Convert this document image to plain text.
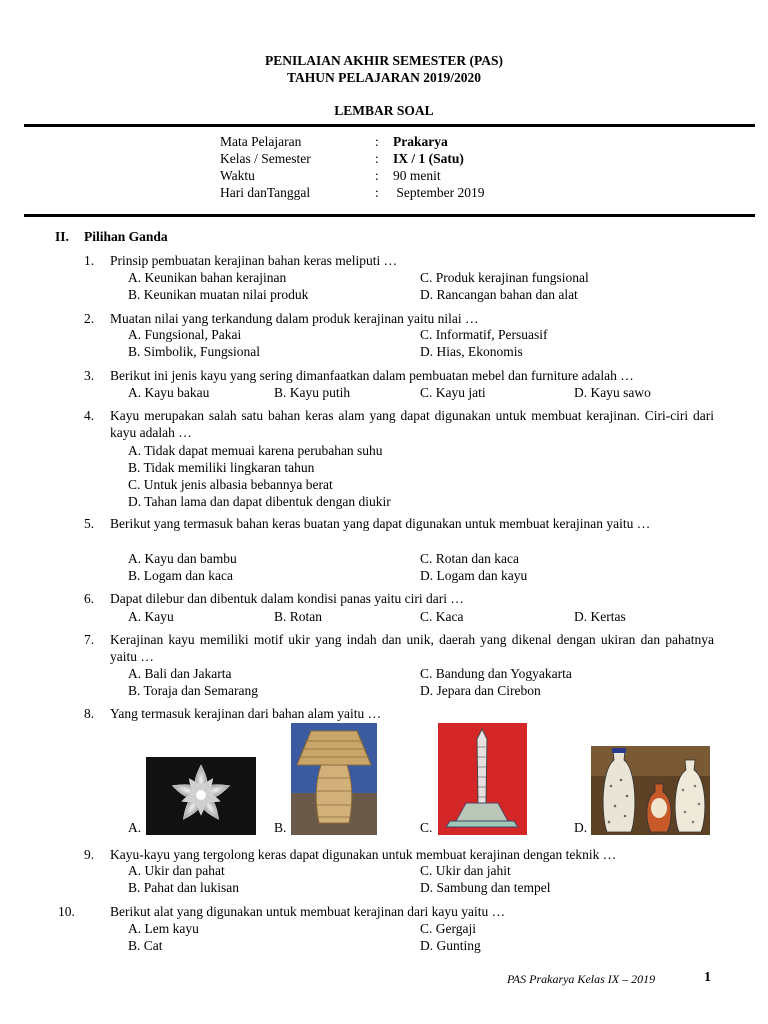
PENILAIAN AKHIR SEMESTER (PAS)
TAHUN PELAJARAN 2019/2020
LEMBAR SOAL
Mata Pelajaran	: Prakarya
Kelas / Semester	: IX / 1 (Satu)
Waktu	: 90 menit
Hari danTanggal	: September 2019
II. Pilihan Ganda
1. Prinsip pembuatan kerajinan bahan keras meliputi …
A. Keunikan bahan kerajinan	C. Produk kerajinan fungsional
B. Keunikan muatan nilai produk	D. Rancangan bahan dan alat
2. Muatan nilai yang terkandung dalam produk kerajinan yaitu nilai …
A. Fungsional, Pakai	C. Informatif, Persuasif
B. Simbolik, Fungsional	D. Hias, Ekonomis
3. Berikut ini jenis kayu yang sering dimanfaatkan dalam pembuatan mebel dan furniture adalah …
A. Kayu bakau	B. Kayu putih	C. Kayu jati	D. Kayu sawo
4. Kayu merupakan salah satu bahan keras alam yang dapat digunakan untuk membuat kerajinan. Ciri-ciri dari kayu adalah …
A. Tidak dapat memuai karena perubahan suhu
B. Tidak memiliki lingkaran tahun
C. Untuk jenis albasia bebannya berat
D. Tahan lama dan dapat dibentuk dengan diukir
5. Berikut yang termasuk bahan keras buatan yang dapat digunakan untuk membuat kerajinan yaitu …
A. Kayu dan bambu	C. Rotan dan kaca
B. Logam dan kaca	D. Logam dan kayu
6. Dapat dilebur dan dibentuk dalam kondisi panas yaitu ciri dari …
A. Kayu	B. Rotan	C. Kaca	D. Kertas
7. Kerajinan kayu memiliki motif ukir yang indah dan unik, daerah yang dikenal dengan ukiran dan pahatnya yaitu …
A. Bali dan Jakarta	C. Bandung dan Yogyakarta
B. Toraja dan Semarang	D. Jepara dan Cirebon
8. Yang termasuk kerajinan dari bahan alam yaitu …
A.	B.	C.	D.
9. Kayu-kayu yang tergolong keras dapat digunakan untuk membuat kerajinan dengan teknik …
A. Ukir dan pahat	C. Ukir dan jahit
B. Pahat dan lukisan	D. Sambung dan tempel
10.	Berikut alat yang digunakan untuk membuat kerajinan dari kayu yaitu …
A. Lem kayu	C. Gergaji
B. Cat	D. Gunting
PAS Prakarya Kelas IX – 2019	1
